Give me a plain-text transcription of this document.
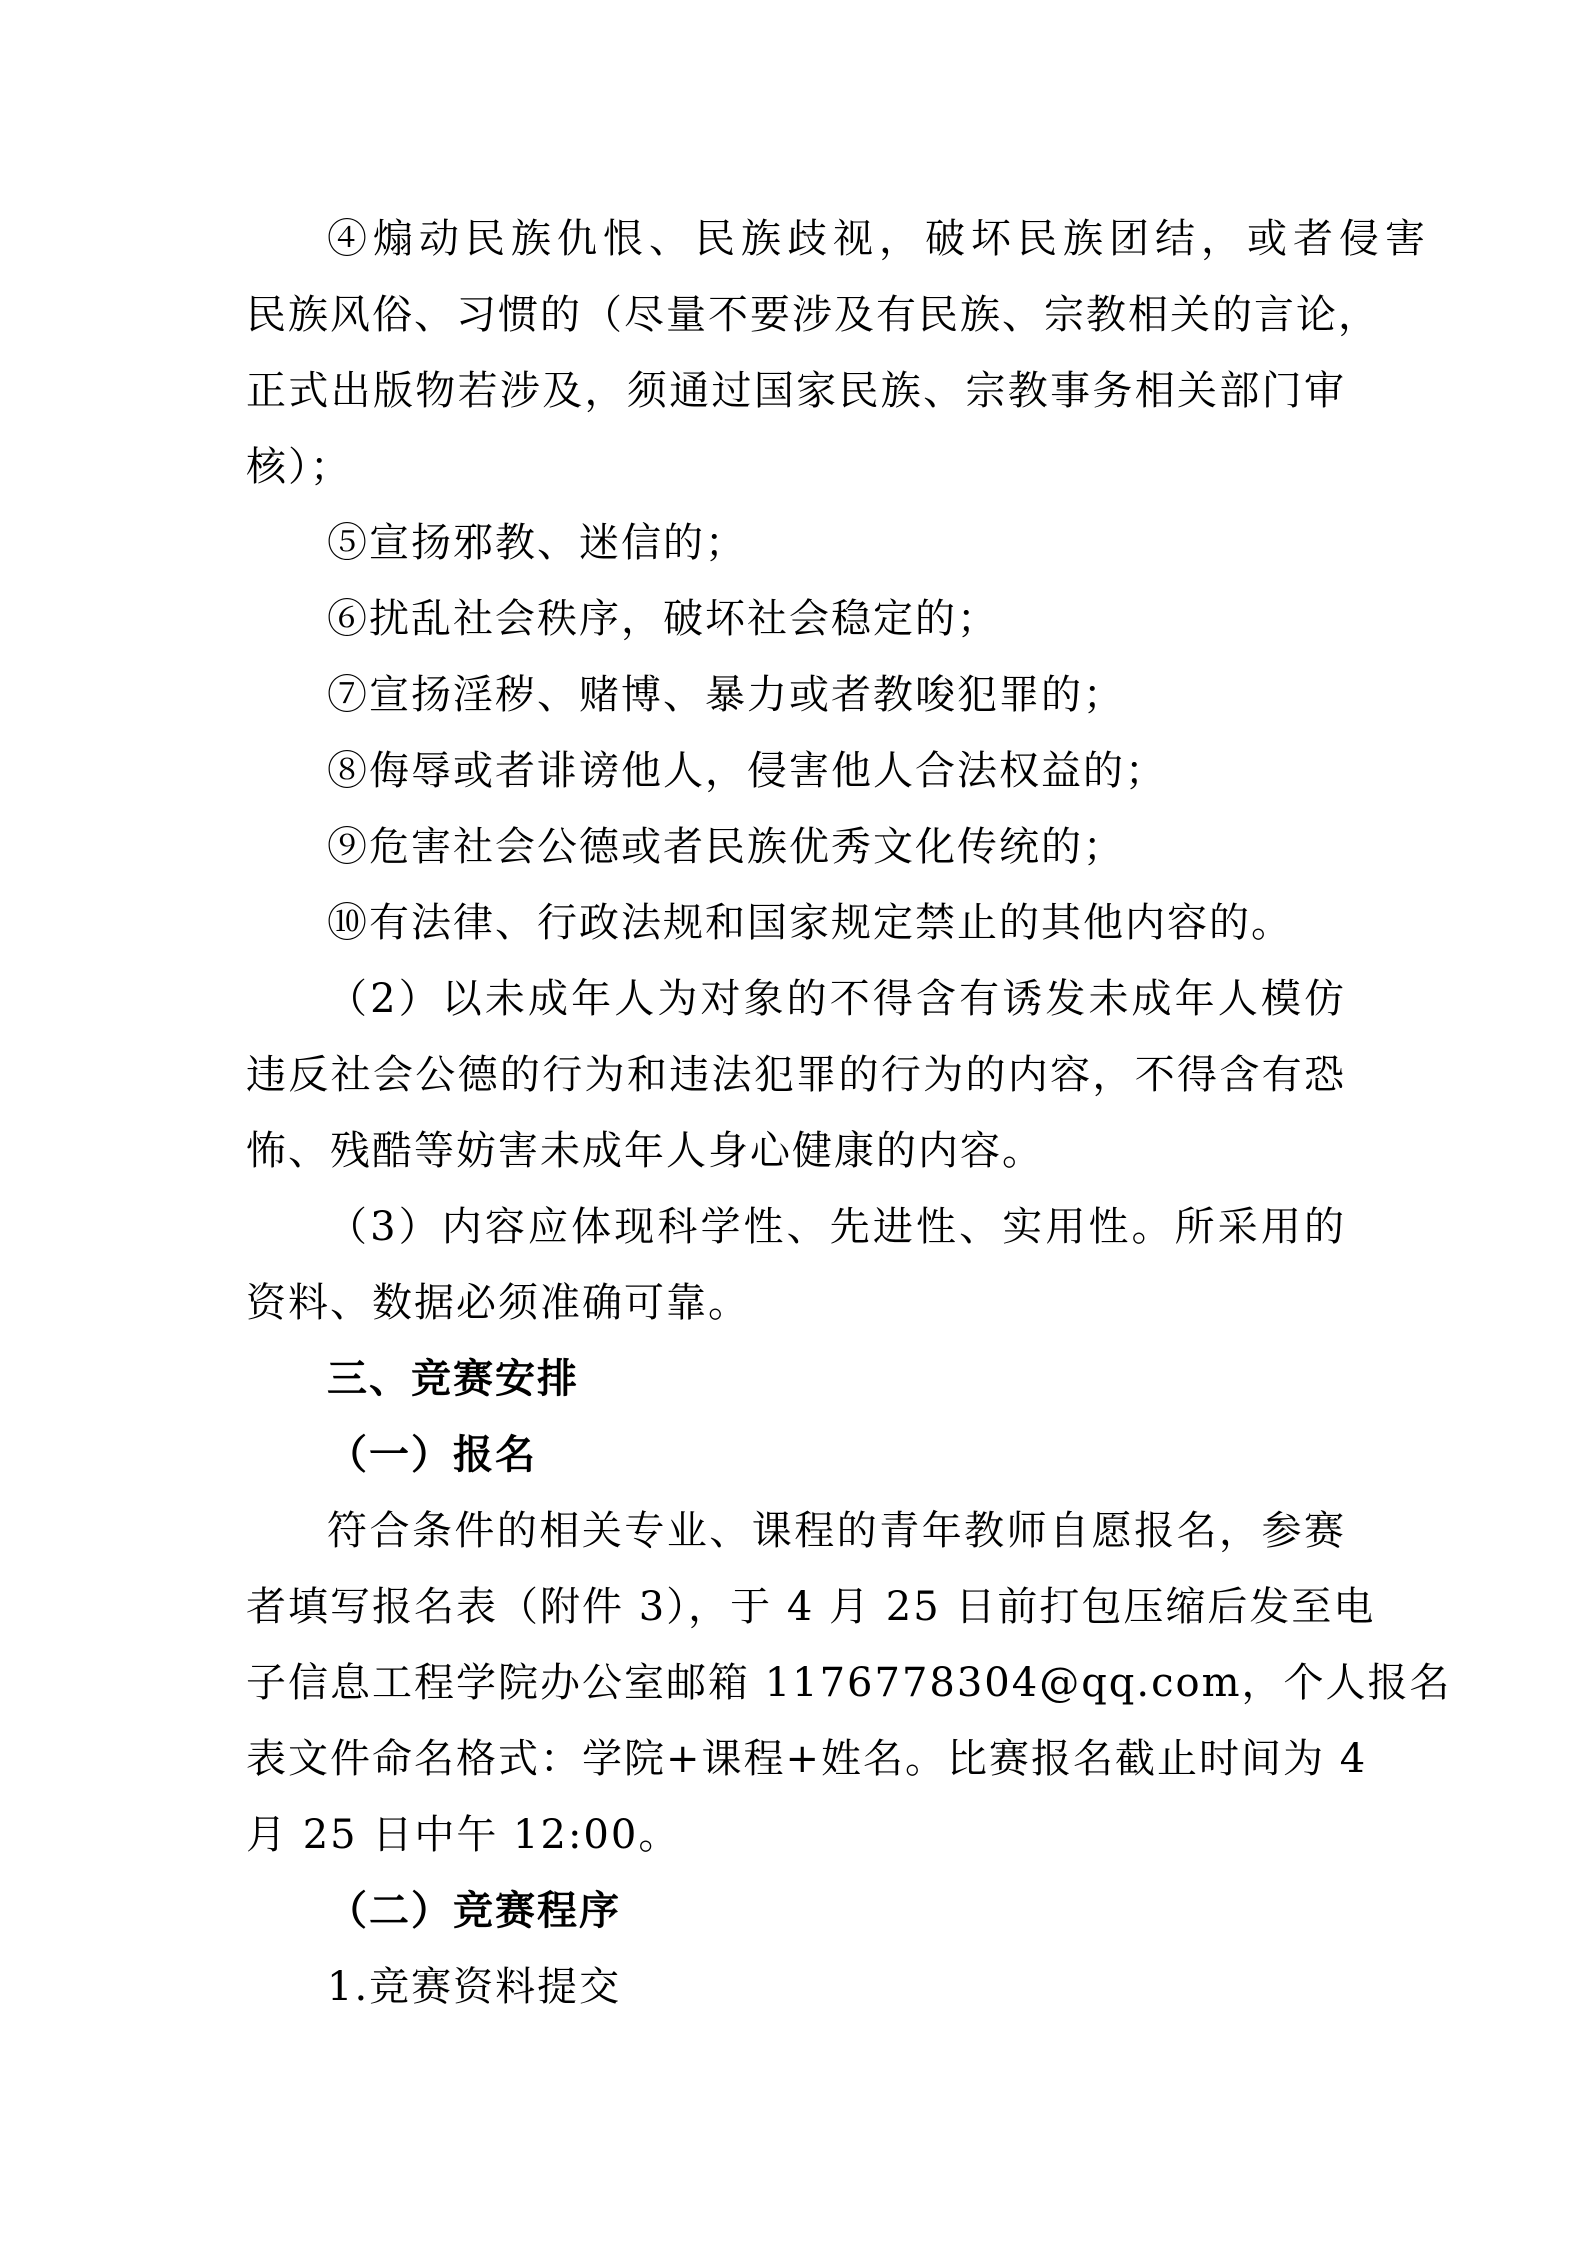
④煽动民族仇恨、民族歧视，破坏民族团结，或者侵害
民族风俗、习惯的（尽量不要涉及有民族、宗教相关的言论，
正式出版物若涉及，须通过国家民族、宗教事务相关部门审
核）；
⑤宣扬邪教、迷信的；
⑥扰乱社会秩序，破坏社会稳定的；
⑦宣扬淫秽、赌博、暴力或者教唆犯罪的；
⑧侮辱或者诽谤他人，侵害他人合法权益的；
⑨危害社会公德或者民族优秀文化传统的；
⑩有法律、行政法规和国家规定禁止的其他内容的。
（2）以未成年人为对象的不得含有诱发未成年人模仿
违反社会公德的行为和违法犯罪的行为的内容，不得含有恐
怖、残酷等妨害未成年人身心健康的内容。
（3）内容应体现科学性、先进性、实用性。所采用的
资料、数据必须准确可靠。
三、竞赛安排
（一）报名
符合条件的相关专业、课程的青年教师自愿报名，参赛
者填写报名表（附件 3），于 4 月 25 日前打包压缩后发至电
子信息工程学院办公室邮箱 1176778304@qq.com，个人报名
表文件命名格式：学院+课程+姓名。比赛报名截止时间为 4
月 25 日中午 12:00。
（二）竞赛程序
1.竞赛资料提交
